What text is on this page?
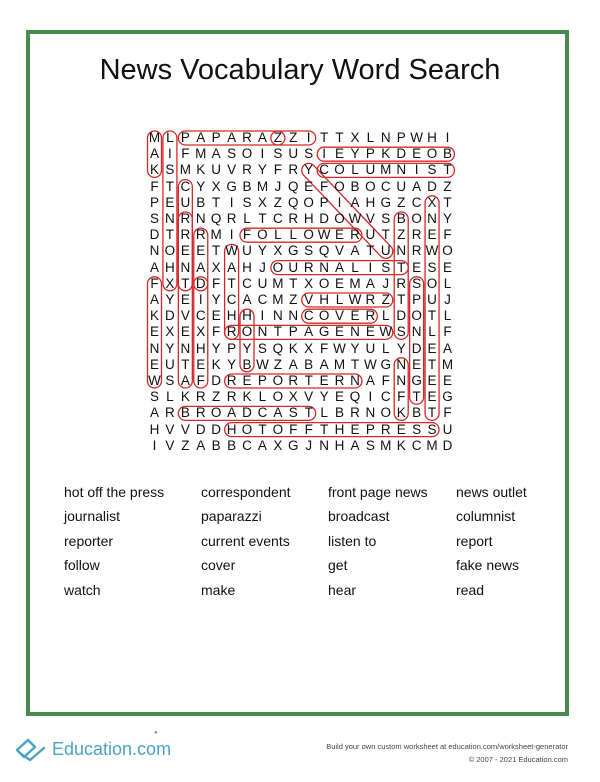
News Vocabulary Word Search
M L P A P A R A Z Z I T T X L N P W H I
A I F M A S O I S U S I E Y P K D E O B
K S M K U V R Y F R Y C O L U M N I S T
F T C Y X G B M J Q E F O B O C U A D Z
P E U B T I S X Z Q O P I A H G Z C X T
S N R N Q R L T C R H D O W V S B O N Y
D T R R M I F O L L O W E R U T Z R E F
N O E E T W U Y X G S Q V A T U N R W O
A H N A X A H J O U R N A L I S T E S E
F X T D F T C U M T X O E M A J R S O L
A Y E I Y C A C M Z V H L W R Z T P U J
K D V C E H H I N N C O V E R L D O T L
E X E X F R O N T P A G E N E W S N L F
N Y N H Y P Y S Q K X F W Y U L Y D E A
E U T E K Y B W Z A B A M T W G N E T M
W S A F D R E P O R T E R N A F N G E E
S L K R Z R K L O X V Y E Q I C F T E G
A R B R O A D C A S T L B R N O K B T F
H V V D D H O T O F F T H E P R E S S U
I V Z A B B C A X G J N H A S M K C M D
hot off the press	correspondent	front page news	news outlet
journalist	paparazzi	broadcast	columnist
reporter	current events	listen to	report
follow	cover	get	fake news
watch	make	hear	read
Education.com
●
Build your own custom worksheet at education.com/worksheet-generator
© 2007 - 2021 Education.com
